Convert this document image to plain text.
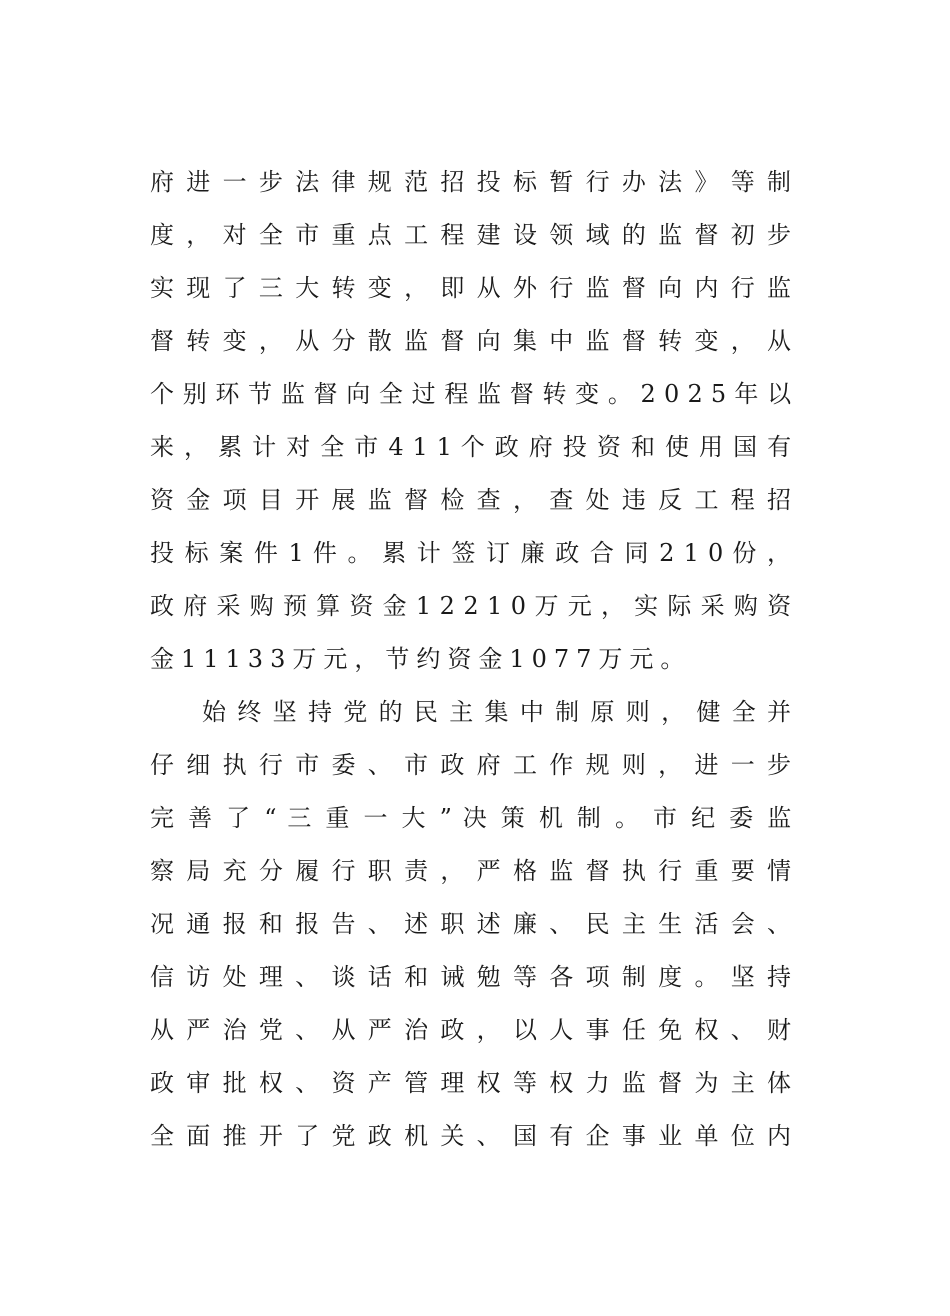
府 进 一 步 法 律 规 范 招 投 标 暂 行 办 法 》 等 制
度 ， 对 全 市 重 点 工 程 建 设 领 域 的 监 督 初 步
实 现 了 三 大 转 变 ， 即 从 外 行 监 督 向 内 行 监
督 转 变 ， 从 分 散 监 督 向 集 中 监 督 转 变 ， 从
个 别 环 节 监 督 向 全 过 程 监 督 转 变 。 2 0 2 5 年 以
来 ， 累 计 对 全 市 4 1 1 个 政 府 投 资 和 使 用 国 有
资 金 项 目 开 展 监 督 检 查 ， 查 处 违 反 工 程 招
投 标 案 件 1 件 。 累 计 签 订 廉 政 合 同 2 1 0 份 ，
政 府 采 购 预 算 资 金 1 2 2 1 0 万 元 ， 实 际 采 购 资
金11133万元，节约资金1077万元。
始 终 坚 持 党 的 民 主 集 中 制 原 则 ， 健 全 并
仔 细 执 行 市 委 、 市 政 府 工 作 规 则 ， 进 一 步
完 善 了 “ 三 重 一 大 ” 决 策 机 制 。 市 纪 委 监
察 局 充 分 履 行 职 责 ， 严 格 监 督 执 行 重 要 情
况 通 报 和 报 告 、 述 职 述 廉 、 民 主 生 活 会 、
信 访 处 理 、 谈 话 和 诫 勉 等 各 项 制 度 。 坚 持
从 严 治 党 、 从 严 治 政 ， 以 人 事 任 免 权 、 财
政 审 批 权 、 资 产 管 理 权 等 权 力 监 督 为 主 体
全 面 推 开 了 党 政 机 关 、 国 有 企 事 业 单 位 内
